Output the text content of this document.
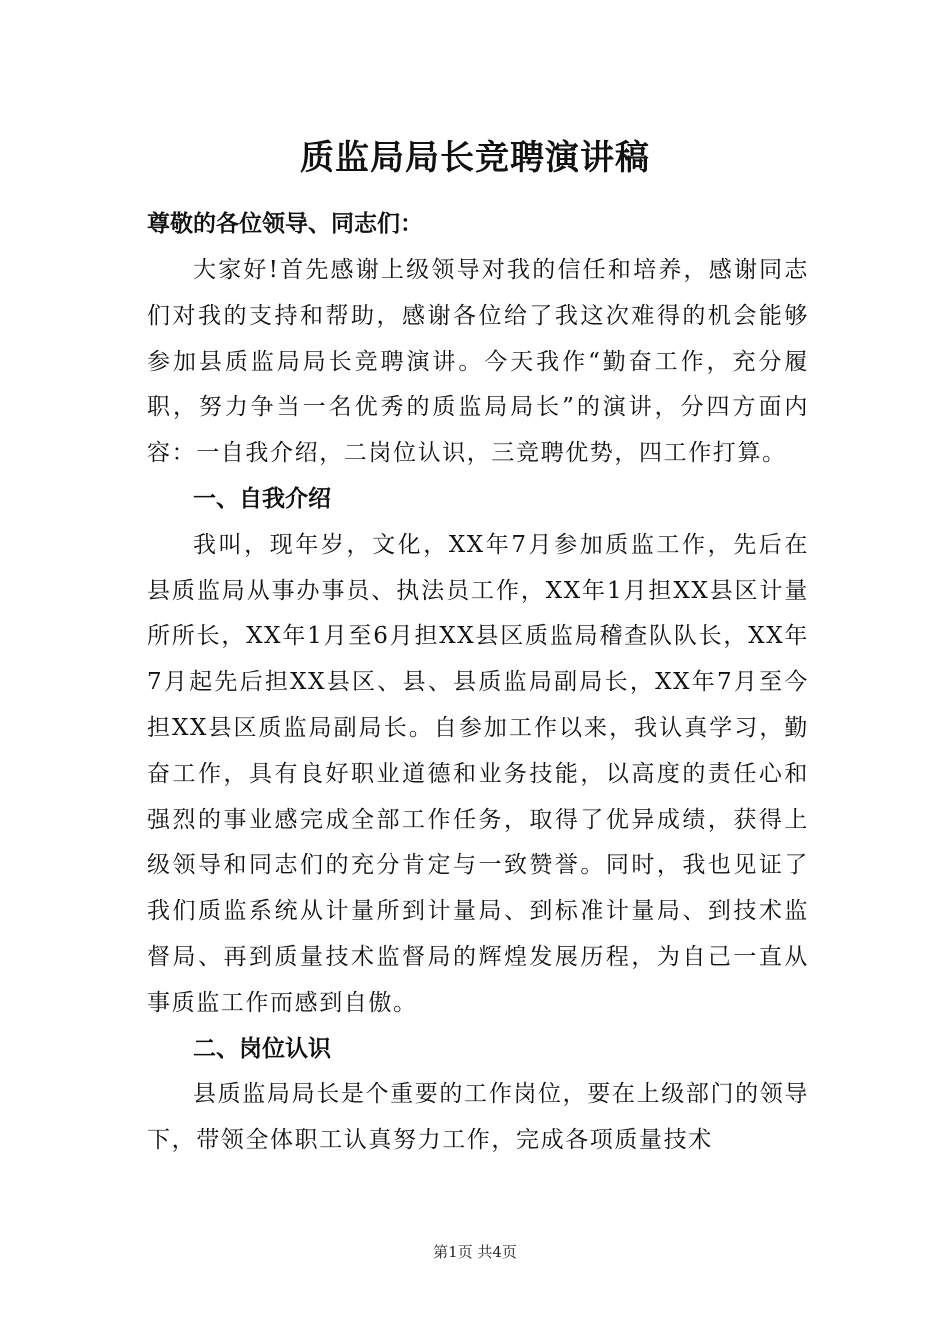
质监局局长竞聘演讲稿

尊敬的各位领导、同志们：

大家好!首先感谢上级领导对我的信任和培养，感谢同志们对我的支持和帮助，感谢各位给了我这次难得的机会能够参加县质监局局长竞聘演讲。今天我作“勤奋工作，充分履职，努力争当一名优秀的质监局局长”的演讲，分四方面内容：一自我介绍，二岗位认识，三竞聘优势，四工作打算。

一、自我介绍

我叫，现年岁，文化，XX年7月参加质监工作，先后在县质监局从事办事员、执法员工作，XX年1月担XX县区计量所所长，XX年1月至6月担XX县区质监局稽查队队长，XX年7月起先后担XX县区、县、县质监局副局长，XX年7月至今担XX县区质监局副局长。自参加工作以来，我认真学习，勤奋工作，具有良好职业道德和业务技能，以高度的责任心和强烈的事业感完成全部工作任务，取得了优异成绩，获得上级领导和同志们的充分肯定与一致赞誉。同时，我也见证了我们质监系统从计量所到计量局、到标准计量局、到技术监督局、再到质量技术监督局的辉煌发展历程，为自己一直从事质监工作而感到自傲。

二、岗位认识

县质监局局长是个重要的工作岗位，要在上级部门的领导下，带领全体职工认真努力工作，完成各项质量技术

第1页 共4页
